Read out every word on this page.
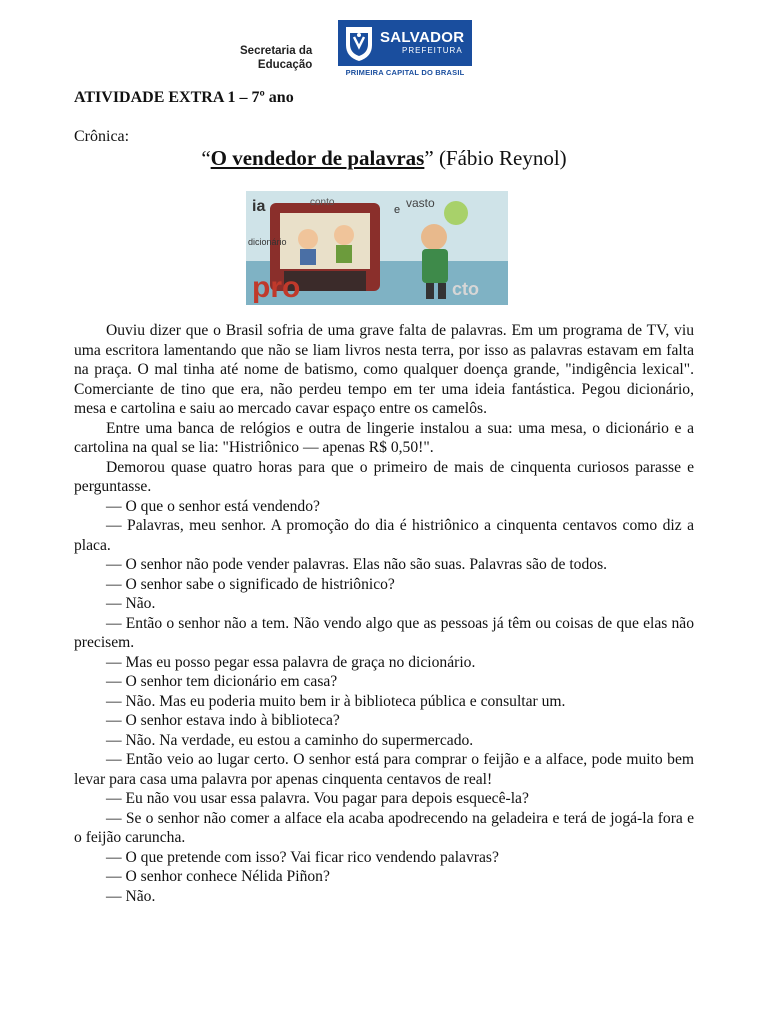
Secretaria da
Educação
SALVADOR
PREFEITURA
PRIMEIRA CAPITAL DO BRASIL
ATIVIDADE EXTRA 1 – 7º ano
Crônica:
“O vendedor de palavras” (Fábio Reynol)
ia	conto
e vasto
dicionário
pro	cto

Ouviu dizer que o Brasil sofria de uma grave falta de palavras. Em um programa de TV, viu uma escritora lamentando que não se liam livros nesta terra, por isso as palavras estavam em falta na praça. O mal tinha até nome de batismo, como qualquer doença grande, "indigência lexical". Comerciante de tino que era, não perdeu tempo em ter uma ideia fantástica. Pegou dicionário, mesa e cartolina e saiu ao mercado cavar espaço entre os camelôs.

Entre uma banca de relógios e outra de lingerie instalou a sua: uma mesa, o dicionário e a cartolina na qual se lia: "Histriônico — apenas R$ 0,50!".

Demorou quase quatro horas para que o primeiro de mais de cinquenta curiosos parasse e perguntasse.

— O que o senhor está vendendo?

— Palavras, meu senhor. A promoção do dia é histriônico a cinquenta centavos como diz a placa.

— O senhor não pode vender palavras. Elas não são suas. Palavras são de todos.

— O senhor sabe o significado de histriônico?

— Não.

— Então o senhor não a tem. Não vendo algo que as pessoas já têm ou coisas de que elas não precisem.

— Mas eu posso pegar essa palavra de graça no dicionário.

— O senhor tem dicionário em casa?

— Não. Mas eu poderia muito bem ir à biblioteca pública e consultar um.

— O senhor estava indo à biblioteca?

— Não. Na verdade, eu estou a caminho do supermercado.

— Então veio ao lugar certo. O senhor está para comprar o feijão e a alface, pode muito bem levar para casa uma palavra por apenas cinquenta centavos de real!

— Eu não vou usar essa palavra. Vou pagar para depois esquecê-la?

— Se o senhor não comer a alface ela acaba apodrecendo na geladeira e terá de jogá-la fora e o feijão caruncha.

— O que pretende com isso? Vai ficar rico vendendo palavras?

— O senhor conhece Nélida Piñon?

— Não.
